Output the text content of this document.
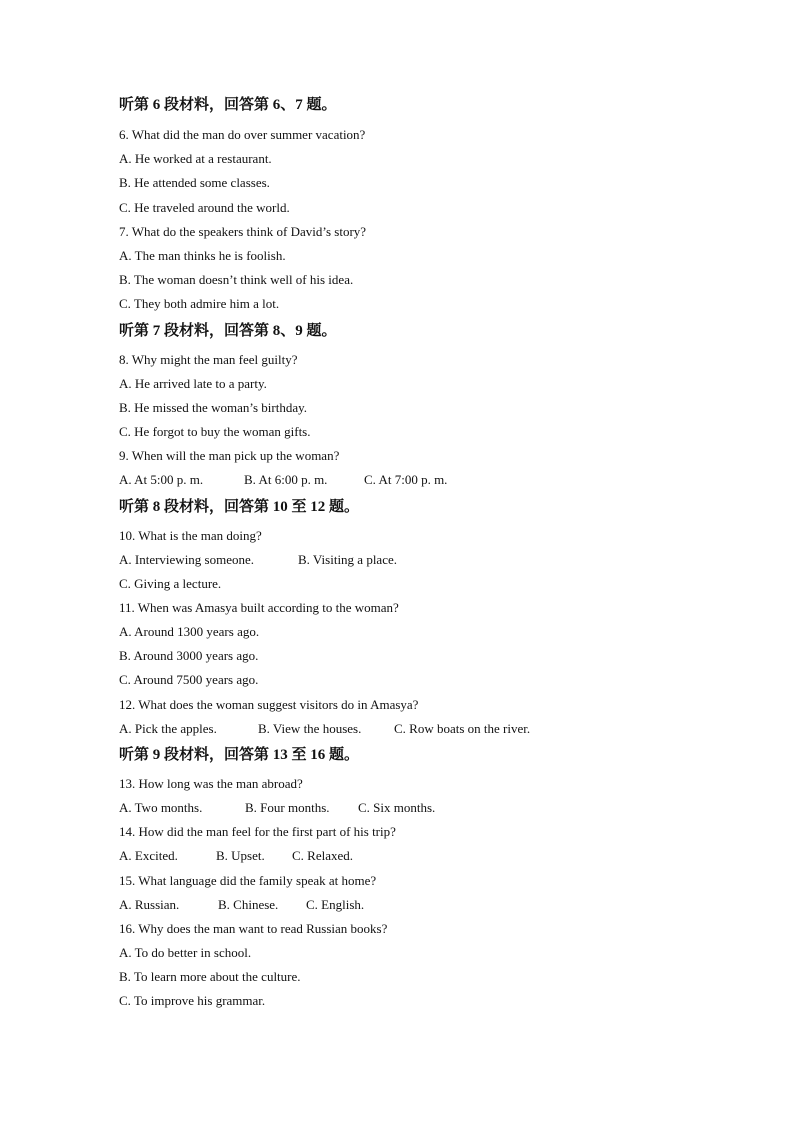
听第 6 段材料，回答第 6、7 题。
6. What did the man do over summer vacation?
A. He worked at a restaurant.
B. He attended some classes.
C. He traveled around the world.
7. What do the speakers think of David’s story?
A. The man thinks he is foolish.
B. The woman doesn’t think well of his idea.
C. They both admire him a lot.
听第 7 段材料，回答第 8、9 题。
8. Why might the man feel guilty?
A. He arrived late to a party.
B. He missed the woman’s birthday.
C. He forgot to buy the woman gifts.
9. When will the man pick up the woman?
A. At 5:00 p. m.	B. At 6:00 p. m.	C. At 7:00 p. m.
听第 8 段材料，回答第 10 至 12 题。
10. What is the man doing?
A. Interviewing someone.	B. Visiting a place.
C. Giving a lecture.
11. When was Amasya built according to the woman?
A. Around 1300 years ago.
B. Around 3000 years ago.
C. Around 7500 years ago.
12. What does the woman suggest visitors do in Amasya?
A. Pick the apples.	B. View the houses.	C. Row boats on the river.
听第 9 段材料，回答第 13 至 16 题。
13. How long was the man abroad?
A. Two months.	B. Four months. C. Six months.
14. How did the man feel for the first part of his trip?
A. Excited.	B. Upset. C. Relaxed.
15. What language did the family speak at home?
A. Russian.	B. Chinese. C. English.
16. Why does the man want to read Russian books?
A. To do better in school.
B. To learn more about the culture.
C. To improve his grammar.
